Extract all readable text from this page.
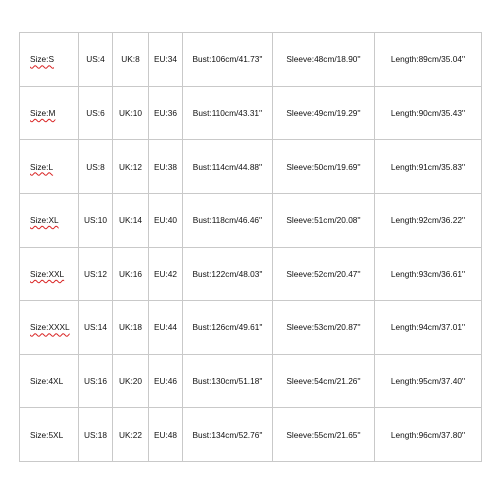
Size:S	US:4	UK:8	EU:34	Bust:106cm/41.73''	Sleeve:48cm/18.90''	Length:89cm/35.04''
Size:M	US:6	UK:10	EU:36	Bust:110cm/43.31''	Sleeve:49cm/19.29''	Length:90cm/35.43''
Size:L	US:8	UK:12	EU:38	Bust:114cm/44.88''	Sleeve:50cm/19.69''	Length:91cm/35.83''
Size:XL	US:10	UK:14	EU:40	Bust:118cm/46.46''	Sleeve:51cm/20.08''	Length:92cm/36.22''
Size:XXL	US:12	UK:16	EU:42	Bust:122cm/48.03''	Sleeve:52cm/20.47''	Length:93cm/36.61''
Size:XXXL	US:14	UK:18	EU:44	Bust:126cm/49.61''	Sleeve:53cm/20.87''	Length:94cm/37.01''
Size:4XL	US:16	UK:20	EU:46	Bust:130cm/51.18''	Sleeve:54cm/21.26''	Length:95cm/37.40''
Size:5XL	US:18	UK:22	EU:48	Bust:134cm/52.76''	Sleeve:55cm/21.65''	Length:96cm/37.80''
